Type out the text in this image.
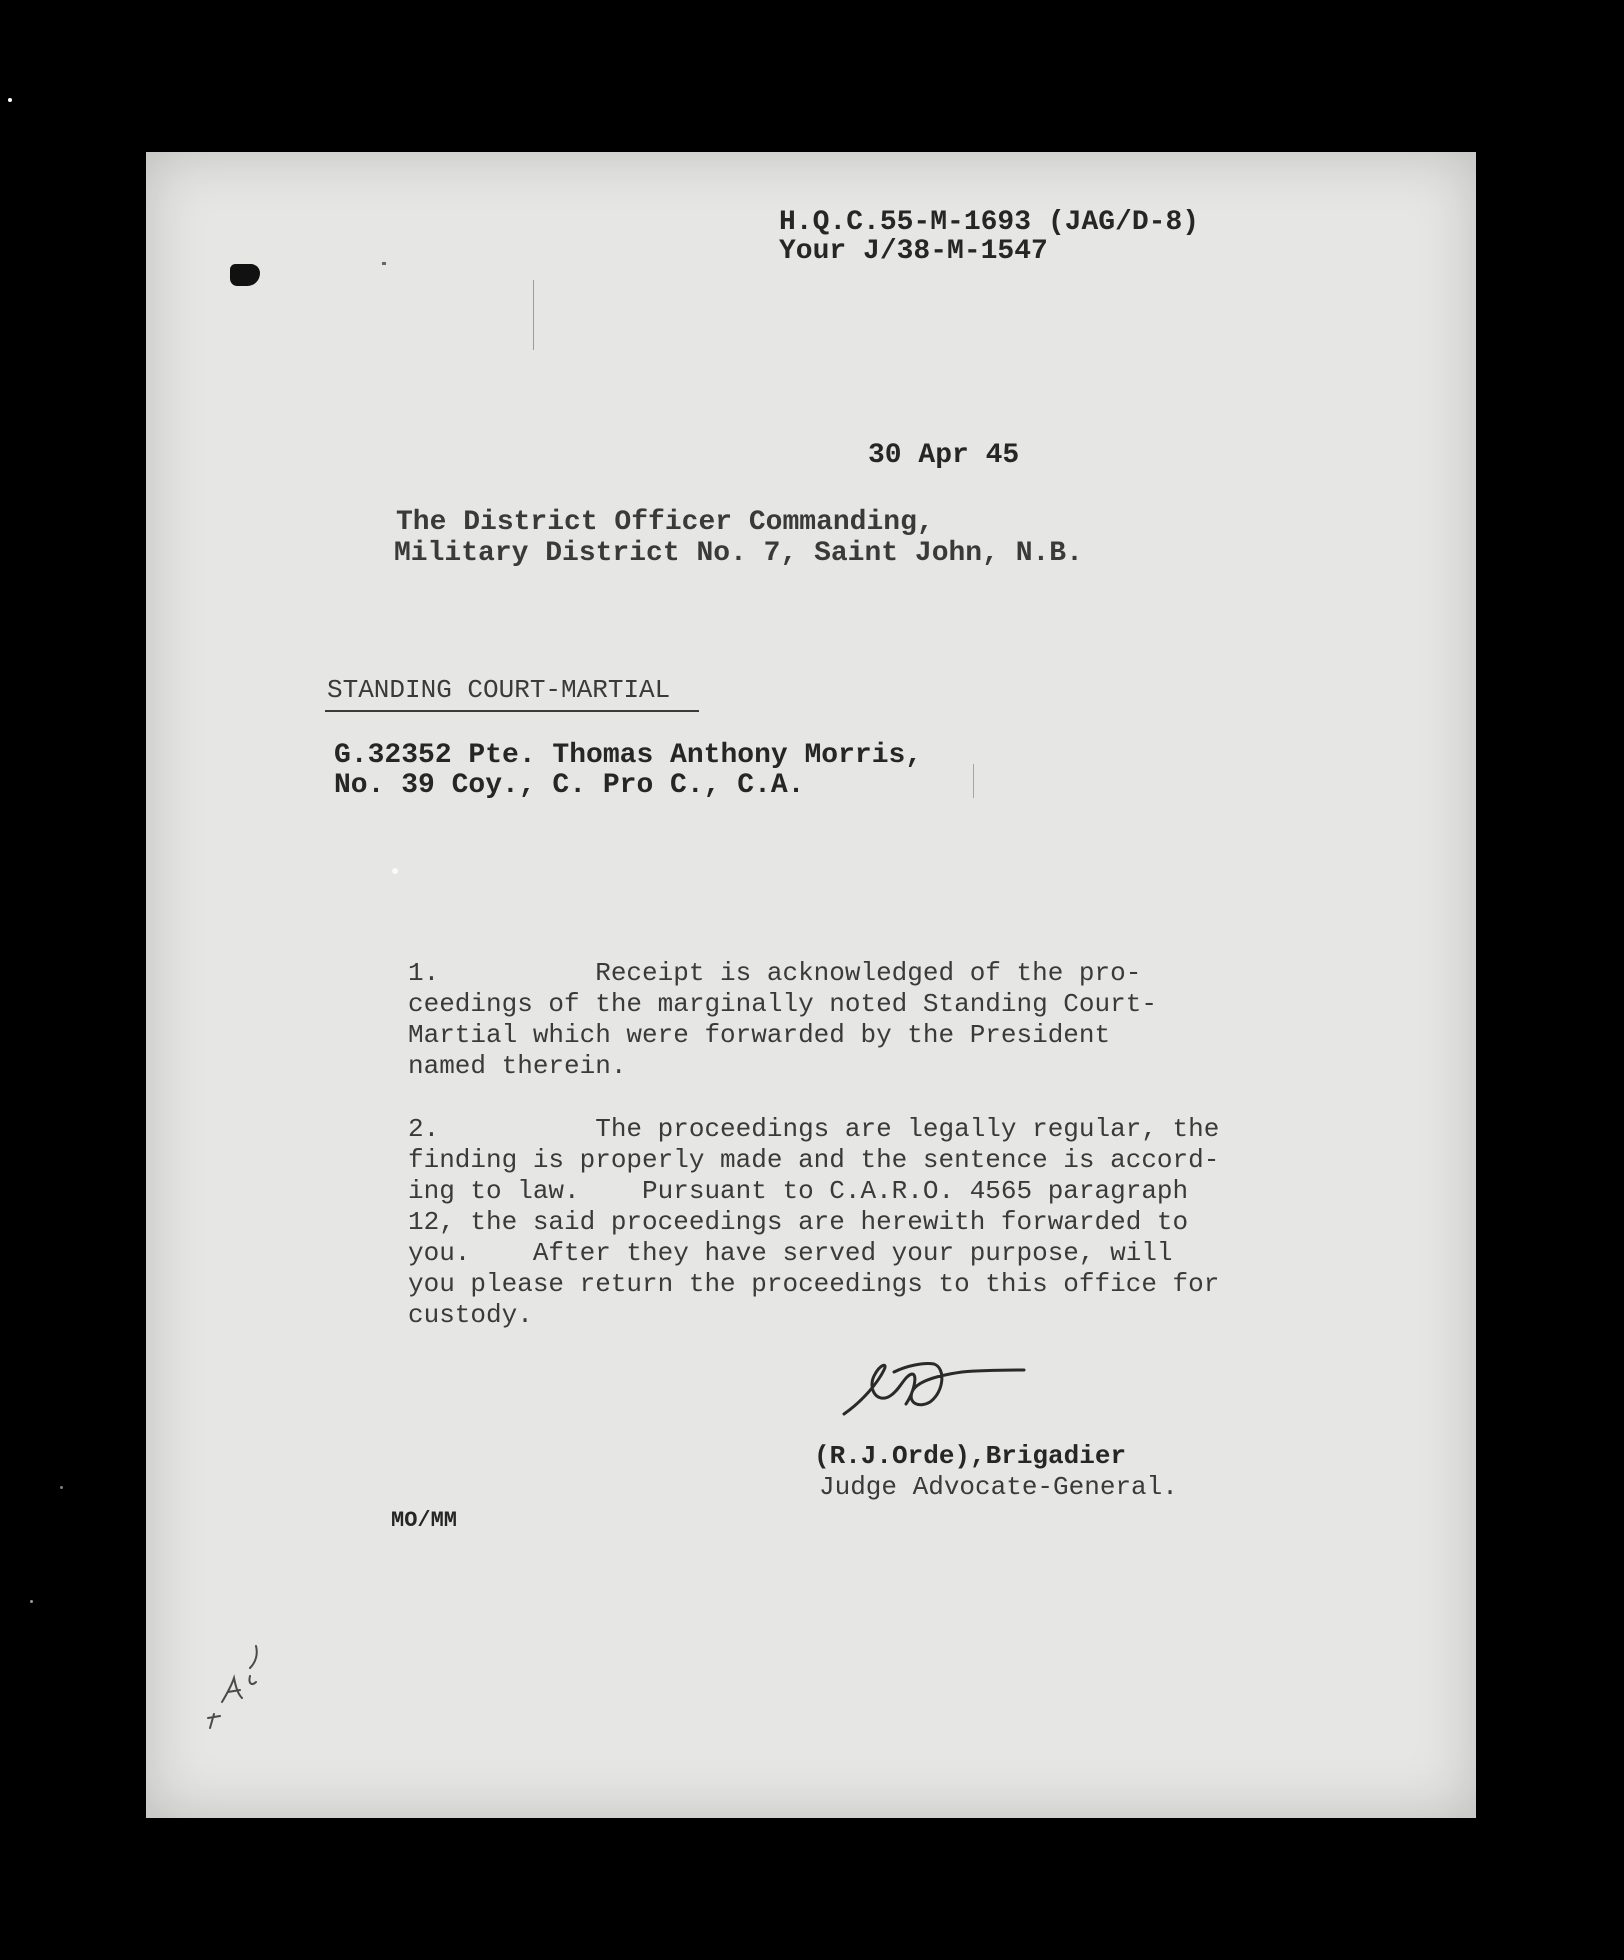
H.Q.C.55-M-1693 (JAG/D-8)
Your J/38-M-1547
30 Apr 45
The District Officer Commanding,
Military District No. 7, Saint John, N.B.
STANDING COURT-MARTIAL
G.32352 Pte. Thomas Anthony Morris,
No. 39 Coy., C. Pro C., C.A.
1.          Receipt is acknowledged of the pro-
ceedings of the marginally noted Standing Court-
Martial which were forwarded by the President
named therein.
2.          The proceedings are legally regular, the
finding is properly made and the sentence is accord-
ing to law.    Pursuant to C.A.R.O. 4565 paragraph
12, the said proceedings are herewith forwarded to
you.    After they have served your purpose, will
you please return the proceedings to this office for
custody.
(R.J.Orde),Brigadier
Judge Advocate-General.
MO/MM
